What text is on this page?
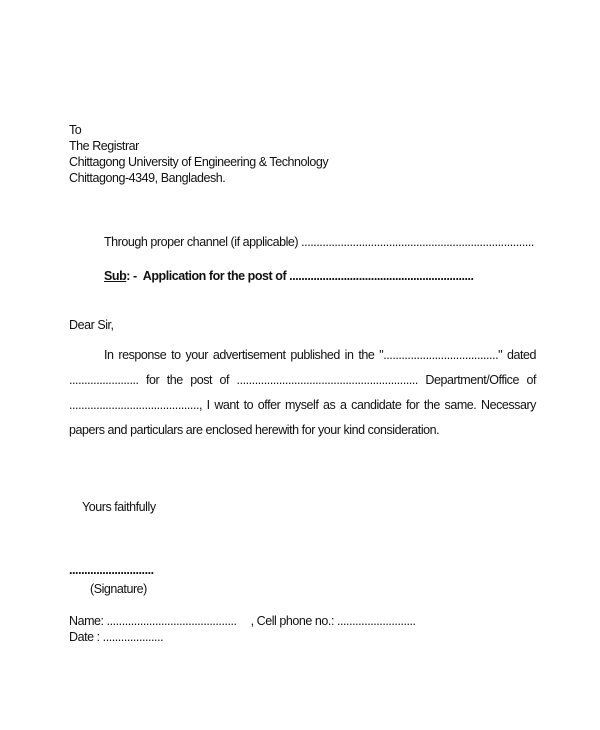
To
The Registrar
Chittagong University of Engineering & Technology
Chittagong-4349, Bangladesh.
Through proper channel (if applicable) .............................................................................
Sub: - Application for the post of .............................................................
Dear Sir,
In response to your advertisement published in the "......................................" dated ....................... for the post of ............................................................ Department/Office of ..........................................., I want to offer myself as a candidate for the same. Necessary papers and particulars are enclosed herewith for your kind consideration.
Yours faithfully
............................
(Signature)
Name: ........................................... , Cell phone no.: ..........................
Date : ....................
